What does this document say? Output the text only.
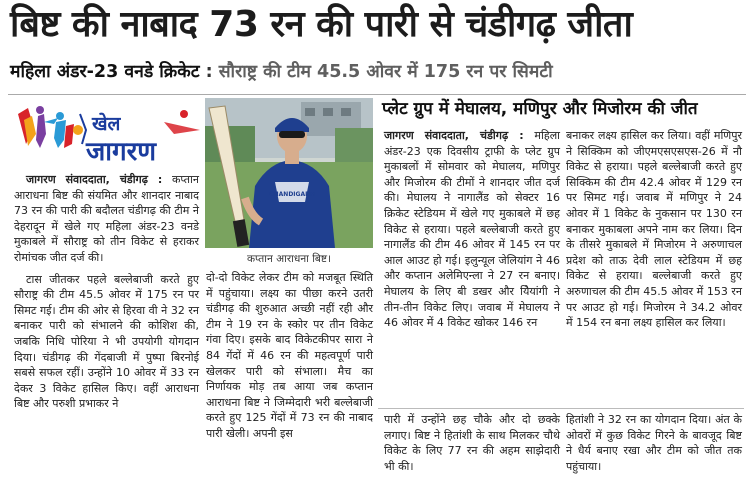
बिष्ट की नाबाद 73 रन की पारी से चंडीगढ़ जीता
महिला अंडर-23 वनडे क्रिकेट : सौराष्ट्र की टीम 45.5 ओवर में 175 रन पर सिमटी
खेल
जागरण
CHANDIGARH
कप्तान आराधना बिष्ट।

जागरण संवाददाता, चंडीगढ़ : कप्तान आराधना बिष्ट की संयमित और शानदार नाबाद 73 रन की पारी की बदौलत चंडीगढ़ की टीम ने देहरादून में खेले गए महिला अंडर-23 वनडे मुकाबले में सौराष्ट्र को तीन विकेट से हराकर रोमांचक जीत दर्ज की।

टास जीतकर पहले बल्लेबाजी करते हुए सौराष्ट्र की टीम 45.5 ओवर में 175 रन पर सिमट गई। टीम की ओर से हिरवा वी ने 32 रन बनाकर पारी को संभालने की कोशिश की, जबकि निधि पोरिया ने भी उपयोगी योगदान दिया। चंडीगढ़ की गेंदबाजी में पुष्पा बिरनोई सबसे सफल रहीं। उन्होंने 10 ओवर में 33 रन देकर 3 विकेट हासिल किए। वहीं आराधना बिष्ट और परुशी प्रभाकर ने

दो-दो विकेट लेकर टीम को मजबूत स्थिति में पहुंचाया। लक्ष्य का पीछा करने उतरी चंडीगढ़ की शुरुआत अच्छी नहीं रही और टीम ने 19 रन के स्कोर पर तीन विकेट गंवा दिए। इसके बाद विकेटकीपर सारा ने 84 गेंदों में 46 रन की महत्वपूर्ण पारी खेलकर पारी को संभाला। मैच का निर्णायक मोड़ तब आया जब कप्तान आराधना बिष्ट ने जिम्मेदारी भरी बल्लेबाजी करते हुए 125 गेंदों में 73 रन की नाबाद पारी खेली। अपनी इस

प्लेट ग्रुप में मेघालय, मणिपुर और मिजोरम की जीत

जागरण संवाददाता, चंडीगढ़ : महिला अंडर-23 एक दिवसीय ट्राफी के प्लेट ग्रुप मुकाबलों में सोमवार को मेघालय, मणिपुर और मिजोरम की टीमों ने शानदार जीत दर्ज की। मेघालय ने नागालैंड को सेक्टर 16 क्रिकेट स्टेडियम में खेले गए मुकाबले में छह विकेट से हराया। पहले बल्लेबाजी करते हुए नागालैंड की टीम 46 ओवर में 145 रन पर आल आउट हो गई। इलुन्यूल जेलियांग ने 46 और कप्तान अलेमिएन्ला ने 27 रन बनाए। मेघालय के लिए बी डखर और येियांगी ने तीन-तीन विकेट लिए। जवाब में मेघालय ने 46 ओवर में 4 विकेट खोकर 146 रन

बनाकर लक्ष्य हासिल कर लिया। वहीं मणिपुर ने सिक्किम को जीएमएसएसएस-26 में नौ विकेट से हराया। पहले बल्लेबाजी करते हुए सिक्किम की टीम 42.4 ओवर में 129 रन पर सिमट गई। जवाब में मणिपुर ने 24 ओवर में 1 विकेट के नुकसान पर 130 रन बनाकर मुकाबला अपने नाम कर लिया। दिन के तीसरे मुकाबले में मिजोरम ने अरुणाचल प्रदेश को ताऊ देवी लाल स्टेडियम में छह विकेट से हराया। बल्लेबाजी करते हुए अरुणाचल की टीम 45.5 ओवर में 153 रन पर आउट हो गई। मिजोरम ने 34.2 ओवर में 154 रन बना लक्ष्य हासिल कर लिया।

पारी में उन्होंने छह चौके और दो छक्के लगाए। बिष्ट ने हितांशी के साथ मिलकर चौथे विकेट के लिए 77 रन की अहम साझेदारी भी की।

हितांशी ने 32 रन का योगदान दिया। अंत के ओवरों में कुछ विकेट गिरने के बावजूद बिष्ट ने धैर्य बनाए रखा और टीम को जीत तक पहुंचाया।
